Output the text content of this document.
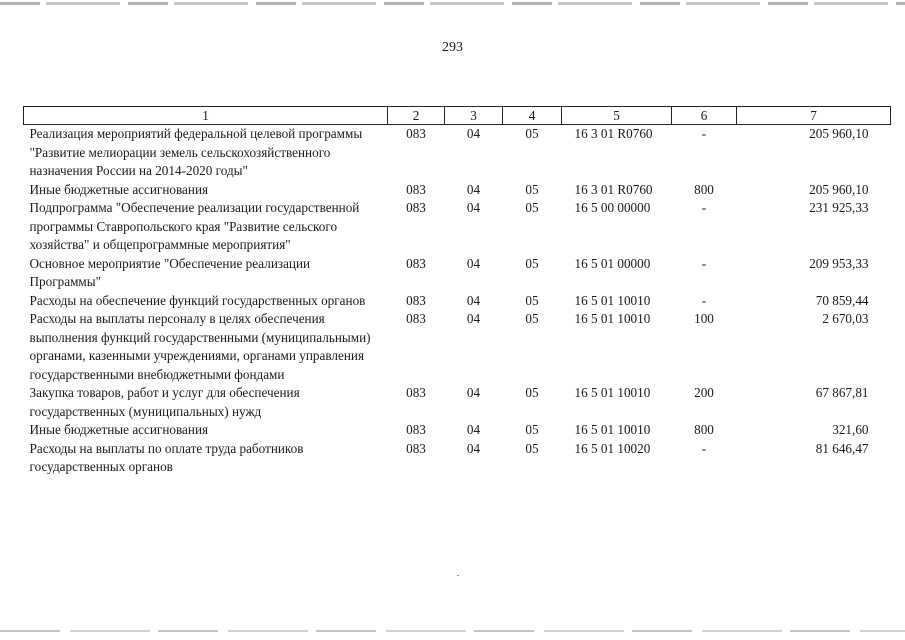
293
1	2	3	4	5	6	7
Реализация мероприятий федеральной целевой программы "Развитие мелиорации земель сельскохозяйственного назначения России на 2014-2020 годы"	083	04	05	16 3 01 R0760	-	205 960,10
Иные бюджетные ассигнования	083	04	05	16 3 01 R0760	800	205 960,10
Подпрограмма "Обеспечение реализации государственной программы Ставропольского края "Развитие сельского хозяйства" и общепрограммные мероприятия"	083	04	05	16 5 00 00000	-	231 925,33
Основное мероприятие "Обеспечение реализации Программы"	083	04	05	16 5 01 00000	-	209 953,33
Расходы на обеспечение функций государственных органов	083	04	05	16 5 01 10010	-	70 859,44
Расходы на выплаты персоналу в целях обеспечения выполнения функций государственными (муниципальными) органами, казенными учреждениями, органами управления государственными внебюджетными фондами	083	04	05	16 5 01 10010	100	2 670,03
Закупка товаров, работ и услуг для обеспечения государственных (муниципальных) нужд	083	04	05	16 5 01 10010	200	67 867,81
Иные бюджетные ассигнования	083	04	05	16 5 01 10010	800	321,60
Расходы на выплаты по оплате труда работников государственных органов	083	04	05	16 5 01 10020	-	81 646,47
